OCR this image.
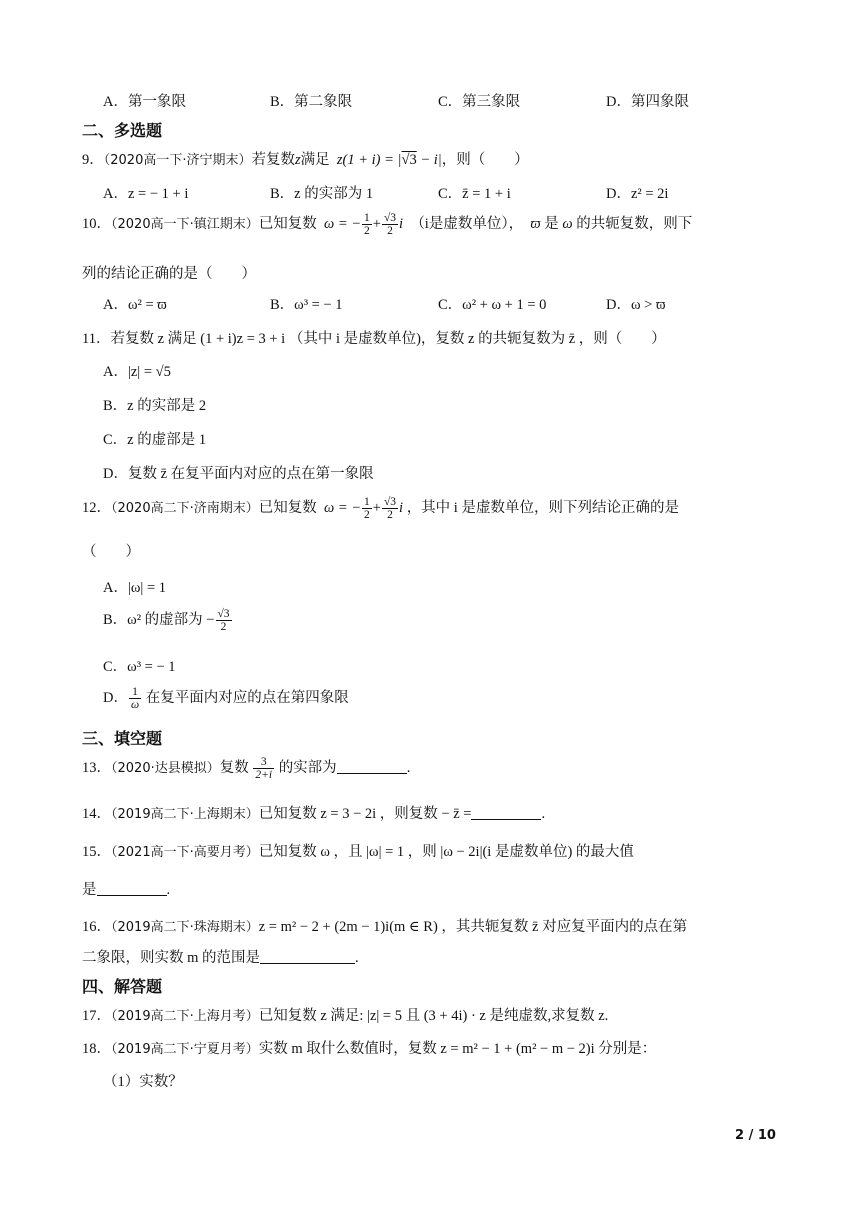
A．第一象限	B．第二象限	C．第三象限	D．第四象限
二、多选题
9．（2020高一下·济宁期末）若复数z满足 z(1 + i) = |√3 − i|，则（　　）
A．z = − 1 + i	B．z 的实部为 1	C．z̄ = 1 + i	D．z² = 2i
10．（2020高一下·镇江期末）已知复数 ω = − $\frac{1}{2} + \frac{√3}{2}$ i （i是虚数单位）， ϖ 是 ω 的共轭复数，则下
列的结论正确的是（　　）
A．ω² = ϖ	B．ω³ = − 1	C．ω² + ω + 1 = 0	D．ω > ϖ
11．若复数 z 满足 (1 + i)z = 3 + i （其中 i 是虚数单位)，复数 z 的共轭复数为 z̄ ，则（　　）
A．|z| = √5
B．z 的实部是 2
C．z 的虚部是 1
D．复数 z̄ 在复平面内对应的点在第一象限
12．（2020高二下·济南期末）已知复数 ω = − $\frac{1}{2} + \frac{√3}{2}$ i ，其中 i 是虚数单位，则下列结论正确的是
（　　）
A．|ω| = 1
B．ω² 的虚部为 − $\frac{√3}{2}$
C．ω³ = − 1
D． $\frac{1}{\omega}$ 在复平面内对应的点在第四象限
三、填空题
13．（2020·达县模拟）复数 $\frac{3}{2+i}$ 的实部为	.
14．（2019高二下·上海期末）已知复数 z = 3 − 2i ，则复数 − z̄ =	.
15．（2021高一下·高要月考）已知复数 ω ，且 |ω| = 1 ，则 |ω − 2i|(i 是虚数单位) 的最大值
是	.
16．（2019高二下·珠海期末）z = m² − 2 + (2m − 1)i(m ∈ R) ，其共轭复数 z̄ 对应复平面内的点在第
二象限，则实数 m 的范围是	.
四、解答题
17．（2019高二下·上海月考）已知复数 z 满足: |z| = 5 且 (3 + 4i) · z 是纯虚数,求复数 z.
18．（2019高二下·宁夏月考）实数 m 取什么数值时，复数 z = m² − 1 + (m² − m − 2)i 分别是：
（1）实数？
2 / 10
